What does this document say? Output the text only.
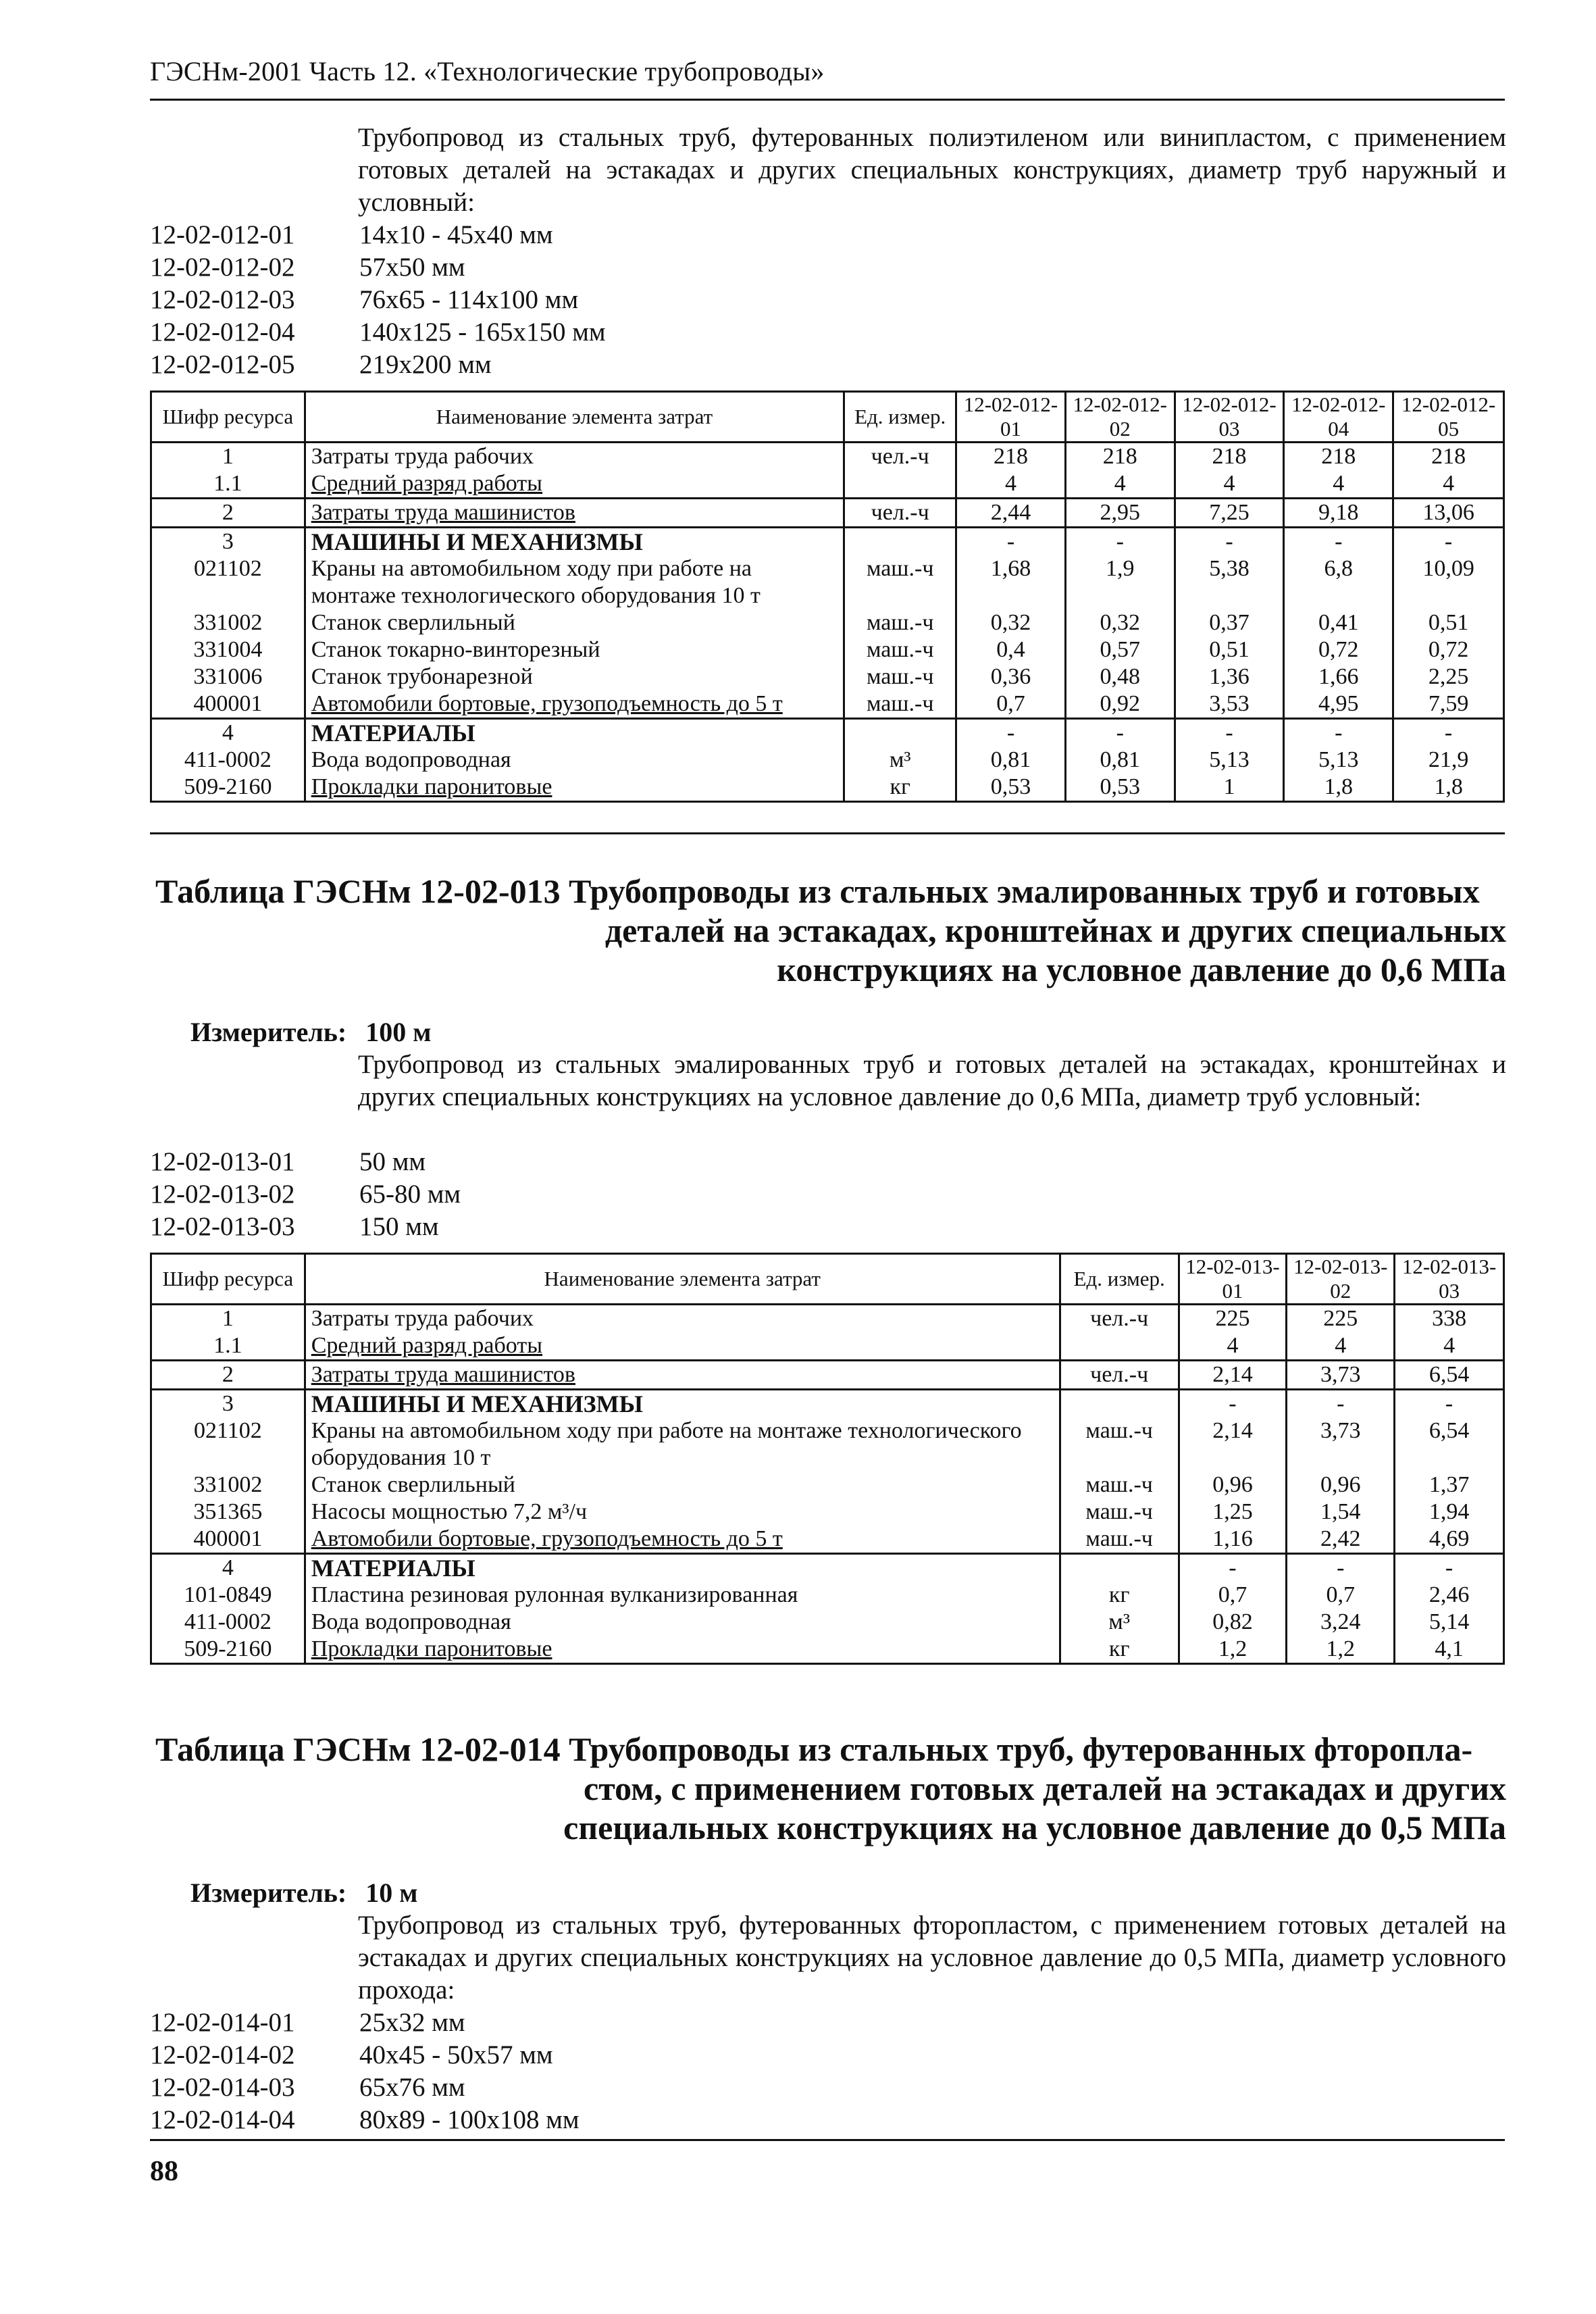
ГЭСНм-2001 Часть 12. «Технологические трубопроводы»
Трубопровод из стальных труб, футерованных полиэтиленом или винипластом, с применением готовых деталей на эстакадах и других специальных конструкциях, диаметр труб наружный и условный:
12-02-012-01	14x10 - 45x40 мм
12-02-012-02	57x50 мм
12-02-012-03	76x65 - 114x100 мм
12-02-012-04	140x125 - 165x150 мм
12-02-012-05	219x200 мм
Шифр ресурса	Наименование элемента затрат	Ед. измер.	12-02-012-01	12-02-012-02	12-02-012-03	12-02-012-04	12-02-012-05
1	Затраты труда рабочих	чел.-ч	218	218	218	218	218
1.1	Средний разряд работы		4	4	4	4	4
2	Затраты труда машинистов	чел.-ч	2,44	2,95	7,25	9,18	13,06
3	МАШИНЫ И МЕХАНИЗМЫ		-	-	-	-	-
021102	Краны на автомобильном ходу при работе на монтаже технологического оборудования 10 т	маш.-ч	1,68	1,9	5,38	6,8	10,09
331002	Станок сверлильный	маш.-ч	0,32	0,32	0,37	0,41	0,51
331004	Станок токарно-винторезный	маш.-ч	0,4	0,57	0,51	0,72	0,72
331006	Станок трубонарезной	маш.-ч	0,36	0,48	1,36	1,66	2,25
400001	Автомобили бортовые, грузоподъемность до 5 т	маш.-ч	0,7	0,92	3,53	4,95	7,59
4	МАТЕРИАЛЫ		-	-	-	-	-
411-0002	Вода водопроводная	м³	0,81	0,81	5,13	5,13	21,9
509-2160	Прокладки паронитовые	кг	0,53	0,53	1	1,8	1,8
Таблица ГЭСНм 12-02-013 Трубопроводы из стальных эмалированных труб и готовых
деталей на эстакадах, кронштейнах и других специальных
конструкциях на условное давление до 0,6 МПа
Измеритель: 100 м
Трубопровод из стальных эмалированных труб и готовых деталей на эстакадах, кронштейнах и других специальных конструкциях на условное давление до 0,6 МПа, диаметр труб условный:
12-02-013-01	50 мм
12-02-013-02	65-80 мм
12-02-013-03	150 мм
Шифр ресурса	Наименование элемента затрат	Ед. измер.	12-02-013-01	12-02-013-02	12-02-013-03
1	Затраты труда рабочих	чел.-ч	225	225	338
1.1	Средний разряд работы		4	4	4
2	Затраты труда машинистов	чел.-ч	2,14	3,73	6,54
3	МАШИНЫ И МЕХАНИЗМЫ		-	-	-
021102	Краны на автомобильном ходу при работе на монтаже технологического оборудования 10 т	маш.-ч	2,14	3,73	6,54
331002	Станок сверлильный	маш.-ч	0,96	0,96	1,37
351365	Насосы мощностью 7,2 м³/ч	маш.-ч	1,25	1,54	1,94
400001	Автомобили бортовые, грузоподъемность до 5 т	маш.-ч	1,16	2,42	4,69
4	МАТЕРИАЛЫ		-	-	-
101-0849	Пластина резиновая рулонная вулканизированная	кг	0,7	0,7	2,46
411-0002	Вода водопроводная	м³	0,82	3,24	5,14
509-2160	Прокладки паронитовые	кг	1,2	1,2	4,1
Таблица ГЭСНм 12-02-014 Трубопроводы из стальных труб, футерованных фторопла-
стом, с применением готовых деталей на эстакадах и других
специальных конструкциях на условное давление до 0,5 МПа
Измеритель: 10 м
Трубопровод из стальных труб, футерованных фторопластом, с применением готовых деталей на эстакадах и других специальных конструкциях на условное давление до 0,5 МПа, диаметр условного прохода:
12-02-014-01	25x32 мм
12-02-014-02	40x45 - 50x57 мм
12-02-014-03	65x76 мм
12-02-014-04	80x89 - 100x108 мм
88
